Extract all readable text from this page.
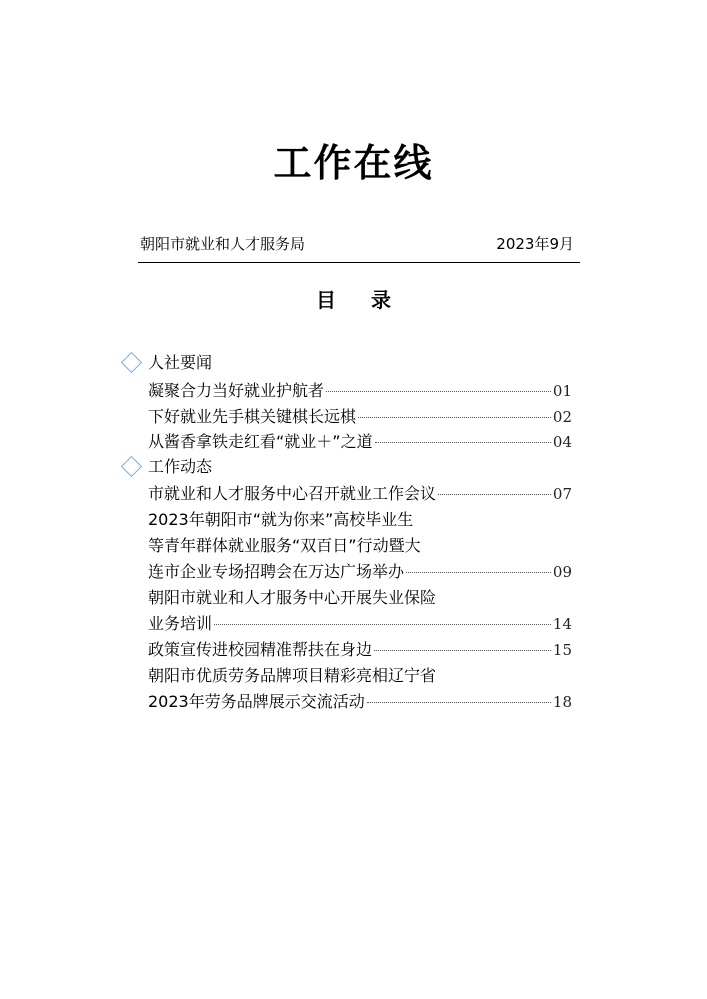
工作在线
朝阳市就业和人才服务局	2023年9月
目 录
人社要闻
凝聚合力当好就业护航者	01
下好就业先手棋关键棋长远棋	02
从酱香拿铁走红看“就业＋”之道	04
工作动态
市就业和人才服务中心召开就业工作会议	07
2023年朝阳市“就为你来”高校毕业生
等青年群体就业服务“双百日”行动暨大
连市企业专场招聘会在万达广场举办	09
朝阳市就业和人才服务中心开展失业保险
业务培训	14
政策宣传进校园精准帮扶在身边	15
朝阳市优质劳务品牌项目精彩亮相辽宁省
2023年劳务品牌展示交流活动	18
